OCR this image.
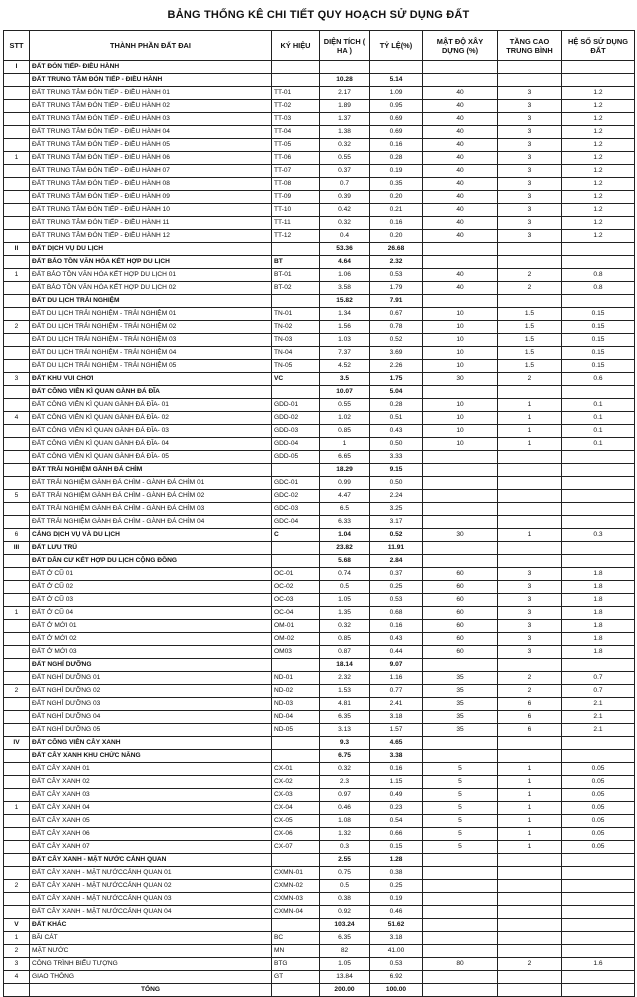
BẢNG THỐNG KÊ CHI TIẾT QUY HOẠCH SỬ DỤNG ĐẤT
STT	THÀNH PHẦN ĐẤT ĐAI	KÝ HIỆU	DIỆN TÍCH ( HA )	TỶ LỆ(%)	MẬT ĐỘ XÂY DỰNG (%)	TẦNG CAO TRUNG BÌNH	HỆ SỐ SỬ DỤNG ĐẤT
I	ĐẤT ĐÓN TIẾP- ĐIỀU HÀNH						
	ĐẤT TRUNG TÂM ĐÓN TIẾP - ĐIỀU HÀNH		10.28	5.14			
	ĐẤT TRUNG TÂM ĐÓN TIẾP - ĐIỀU HÀNH 01	TT-01	2.17	1.09	40	3	1.2
	ĐẤT TRUNG TÂM ĐÓN TIẾP - ĐIỀU HÀNH 02	TT-02	1.89	0.95	40	3	1.2
	ĐẤT TRUNG TÂM ĐÓN TIẾP - ĐIỀU HÀNH 03	TT-03	1.37	0.69	40	3	1.2
	ĐẤT TRUNG TÂM ĐÓN TIẾP - ĐIỀU HÀNH 04	TT-04	1.38	0.69	40	3	1.2
	ĐẤT TRUNG TÂM ĐÓN TIẾP - ĐIỀU HÀNH 05	TT-05	0.32	0.16	40	3	1.2
1	ĐẤT TRUNG TÂM ĐÓN TIẾP - ĐIỀU HÀNH 06	TT-06	0.55	0.28	40	3	1.2
	ĐẤT TRUNG TÂM ĐÓN TIẾP - ĐIỀU HÀNH 07	TT-07	0.37	0.19	40	3	1.2
	ĐẤT TRUNG TÂM ĐÓN TIẾP - ĐIỀU HÀNH 08	TT-08	0.7	0.35	40	3	1.2
	ĐẤT TRUNG TÂM ĐÓN TIẾP - ĐIỀU HÀNH 09	TT-09	0.39	0.20	40	3	1.2
	ĐẤT TRUNG TÂM ĐÓN TIẾP - ĐIỀU HÀNH 10	TT-10	0.42	0.21	40	3	1.2
	ĐẤT TRUNG TÂM ĐÓN TIẾP - ĐIỀU HÀNH 11	TT-11	0.32	0.16	40	3	1.2
	ĐẤT TRUNG TÂM ĐÓN TIẾP - ĐIỀU HÀNH 12	TT-12	0.4	0.20	40	3	1.2
II	ĐẤT DỊCH VỤ DU LỊCH		53.36	26.68			
	ĐẤT BẢO TỒN VĂN HÓA KẾT HỢP DU LỊCH	BT	4.64	2.32			
1	ĐẤT BẢO TỒN VĂN HÓA KẾT HỢP DU LỊCH 01	BT-01	1.06	0.53	40	2	0.8
	ĐẤT BẢO TỒN VĂN HÓA KẾT HỢP DU LỊCH 02	BT-02	3.58	1.79	40	2	0.8
	ĐẤT DU LỊCH TRẢI NGHIỆM		15.82	7.91			
	ĐẤT DU LỊCH TRẢI NGHIỆM - TRẢI NGHIỆM 01	TN-01	1.34	0.67	10	1.5	0.15
2	ĐẤT DU LỊCH TRẢI NGHIỆM - TRẢI NGHIỆM 02	TN-02	1.56	0.78	10	1.5	0.15
	ĐẤT DU LỊCH TRẢI NGHIỆM - TRẢI NGHIỆM 03	TN-03	1.03	0.52	10	1.5	0.15
	ĐẤT DU LỊCH TRẢI NGHIỆM - TRẢI NGHIỆM 04	TN-04	7.37	3.69	10	1.5	0.15
	ĐẤT DU LỊCH TRẢI NGHIỆM - TRẢI NGHIỆM 05	TN-05	4.52	2.26	10	1.5	0.15
3	ĐẤT KHU VUI CHƠI	VC	3.5	1.75	30	2	0.6
	ĐẤT CÔNG VIÊN KÌ QUAN GÀNH ĐÁ ĐĨA		10.07	5.04			
	ĐẤT CÔNG VIÊN KÌ QUAN GÀNH ĐÁ ĐĨA- 01	GDD-01	0.55	0.28	10	1	0.1
4	ĐẤT CÔNG VIÊN KÌ QUAN GÀNH ĐÁ ĐĨA- 02	GDD-02	1.02	0.51	10	1	0.1
	ĐẤT CÔNG VIÊN KÌ QUAN GÀNH ĐÁ ĐĨA- 03	GDD-03	0.85	0.43	10	1	0.1
	ĐẤT CÔNG VIÊN KÌ QUAN GÀNH ĐÁ ĐĨA- 04	GDD-04	1	0.50	10	1	0.1
	ĐẤT CÔNG VIÊN KÌ QUAN GÀNH ĐÁ ĐĨA- 05	GDD-05	6.65	3.33			
	ĐẤT TRẢI NGHIỆM GÀNH ĐÁ CHÌM		18.29	9.15			
	ĐẤT TRẢI NGHIỆM GÀNH ĐÁ CHÌM - GÀNH ĐÁ CHÌM 01	GDC-01	0.99	0.50			
5	ĐẤT TRẢI NGHIỆM GÀNH ĐÁ CHÌM - GÀNH ĐÁ CHÌM 02	GDC-02	4.47	2.24			
	ĐẤT TRẢI NGHIỆM GÀNH ĐÁ CHÌM - GÀNH ĐÁ CHÌM 03	GDC-03	6.5	3.25			
	ĐẤT TRẢI NGHIỆM GÀNH ĐÁ CHÌM - GÀNH ĐÁ CHÌM 04	GDC-04	6.33	3.17			
6	CẢNG DỊCH VỤ VÀ DU LỊCH	C	1.04	0.52	30	1	0.3
III	ĐẤT LƯU TRÚ		23.82	11.91			
	ĐẤT DÂN CƯ KẾT HỢP DU LỊCH CỘNG ĐỒNG		5.68	2.84			
	ĐẤT Ở CŨ 01	OC-01	0.74	0.37	60	3	1.8
	ĐẤT Ở CŨ 02	OC-02	0.5	0.25	60	3	1.8
	ĐẤT Ở CŨ 03	OC-03	1.05	0.53	60	3	1.8
1	ĐẤT Ở CŨ 04	OC-04	1.35	0.68	60	3	1.8
	ĐẤT Ở MỚI 01	OM-01	0.32	0.16	60	3	1.8
	ĐẤT Ở MỚI 02	OM-02	0.85	0.43	60	3	1.8
	ĐẤT Ở MỚI 03	OM03	0.87	0.44	60	3	1.8
	ĐẤT NGHỈ DƯỠNG		18.14	9.07			
	ĐẤT NGHỈ DƯỠNG 01	ND-01	2.32	1.16	35	2	0.7
2	ĐẤT NGHỈ DƯỠNG 02	ND-02	1.53	0.77	35	2	0.7
	ĐẤT NGHỈ DƯỠNG 03	ND-03	4.81	2.41	35	6	2.1
	ĐẤT NGHỈ DƯỠNG 04	ND-04	6.35	3.18	35	6	2.1
	ĐẤT NGHỈ DƯỠNG 05	ND-05	3.13	1.57	35	6	2.1
IV	ĐẤT CÔNG VIÊN CÂY XANH		9.3	4.65			
	ĐẤT CÂY XANH KHU CHỨC NĂNG		6.75	3.38			
	ĐẤT CÂY XANH 01	CX-01	0.32	0.16	5	1	0.05
	ĐẤT CÂY XANH 02	CX-02	2.3	1.15	5	1	0.05
	ĐẤT CÂY XANH 03	CX-03	0.97	0.49	5	1	0.05
1	ĐẤT CÂY XANH 04	CX-04	0.46	0.23	5	1	0.05
	ĐẤT CÂY XANH 05	CX-05	1.08	0.54	5	1	0.05
	ĐẤT CÂY XANH 06	CX-06	1.32	0.66	5	1	0.05
	ĐẤT CÂY XANH 07	CX-07	0.3	0.15	5	1	0.05
	ĐẤT CÂY XANH - MẶT NƯỚC CẢNH QUAN		2.55	1.28			
	ĐẤT CÂY XANH - MẶT NƯỚCCẢNH QUAN 01	CXMN-01	0.75	0.38			
2	ĐẤT CÂY XANH - MẶT NƯỚCCẢNH QUAN 02	CXMN-02	0.5	0.25			
	ĐẤT CÂY XANH - MẶT NƯỚCCẢNH QUAN 03	CXMN-03	0.38	0.19			
	ĐẤT CÂY XANH - MẶT NƯỚCCẢNH QUAN 04	CXMN-04	0.92	0.46			
V	ĐẤT KHÁC		103.24	51.62			
1	BÃI CÁT	BC	6.35	3.18			
2	MẶT NƯỚC	MN	82	41.00			
3	CÔNG TRÌNH BIỂU TƯỢNG	BTG	1.05	0.53	80	2	1.6
4	GIAO THÔNG	GT	13.84	6.92			
	TỔNG		200.00	100.00			
